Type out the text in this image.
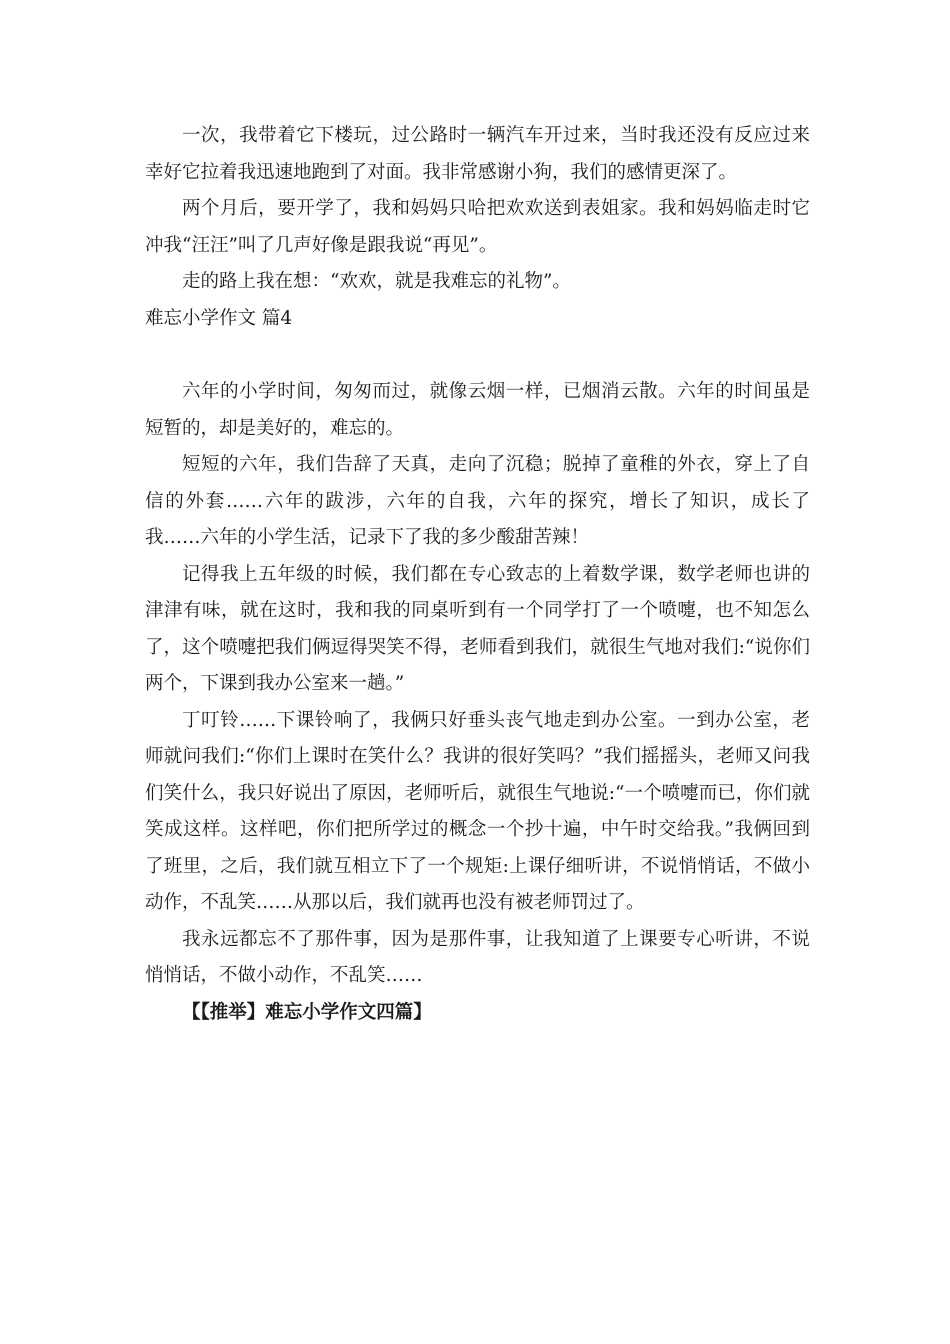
一次，我带着它下楼玩，过公路时一辆汽车开过来，当时我还没有反应过来幸好它拉着我迅速地跑到了对面。我非常感谢小狗，我们的感情更深了。

两个月后，要开学了，我和妈妈只哈把欢欢送到表姐家。我和妈妈临走时它冲我“汪汪”叫了几声好像是跟我说“再见”。

走的路上我在想：“欢欢，就是我难忘的礼物”。

难忘小学作文 篇4

六年的小学时间，匆匆而过，就像云烟一样，已烟消云散。六年的时间虽是短暂的，却是美好的，难忘的。

短短的六年，我们告辞了天真，走向了沉稳；脱掉了童稚的外衣，穿上了自信的外套……六年的跋涉，六年的自我，六年的探究，增长了知识，成长了我……六年的小学生活，记录下了我的多少酸甜苦辣！

记得我上五年级的时候，我们都在专心致志的上着数学课，数学老师也讲的津津有味，就在这时，我和我的同桌听到有一个同学打了一个喷嚏，也不知怎么了，这个喷嚏把我们俩逗得哭笑不得，老师看到我们，就很生气地对我们:“说你们两个，下课到我办公室来一趟。”

丁叮铃……下课铃响了，我俩只好垂头丧气地走到办公室。一到办公室，老师就问我们:“你们上课时在笑什么？我讲的很好笑吗？”我们摇摇头，老师又问我们笑什么，我只好说出了原因，老师听后，就很生气地说:“一个喷嚏而已，你们就笑成这样。这样吧，你们把所学过的概念一个抄十遍，中午时交给我。”我俩回到了班里，之后，我们就互相立下了一个规矩:上课仔细听讲，不说悄悄话，不做小动作，不乱笑……从那以后，我们就再也没有被老师罚过了。

我永远都忘不了那件事，因为是那件事，让我知道了上课要专心听讲，不说悄悄话，不做小动作，不乱笑……

【【推举】难忘小学作文四篇】
